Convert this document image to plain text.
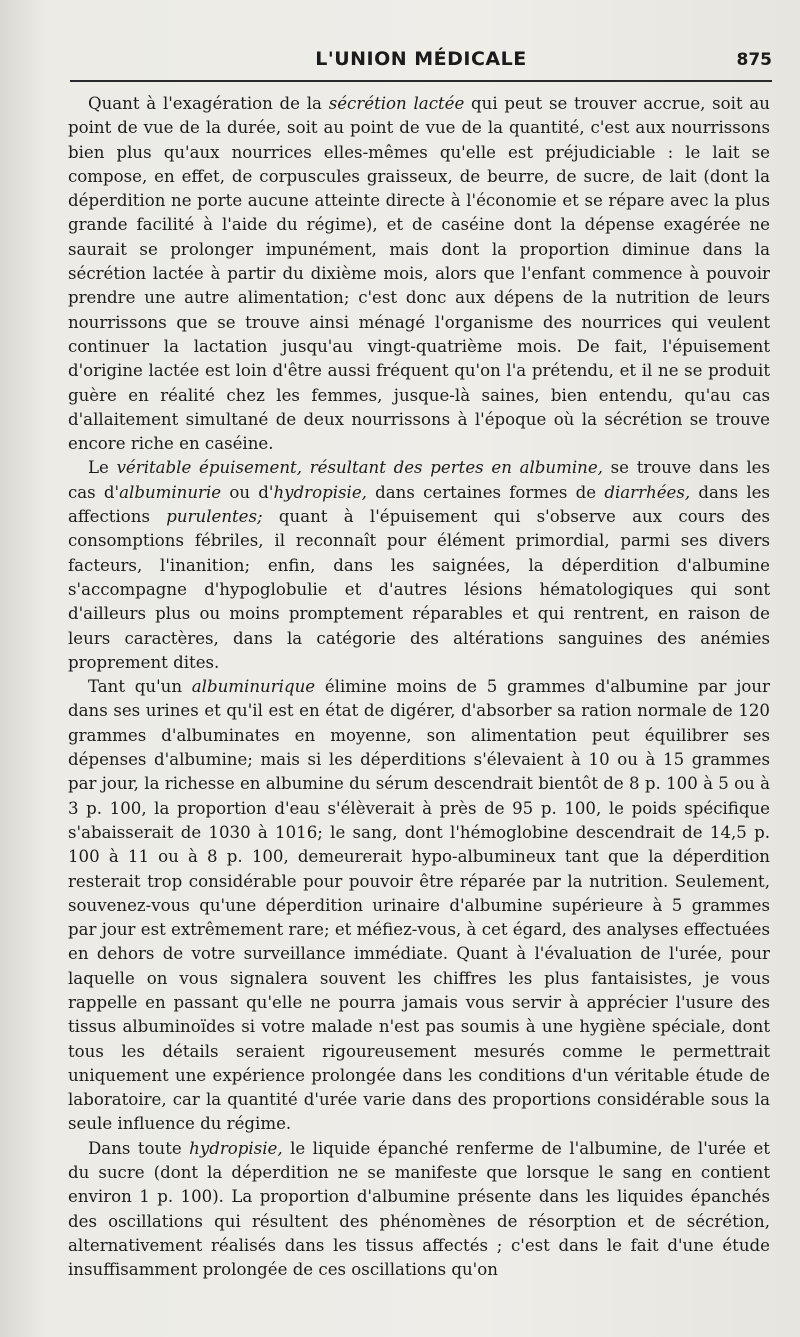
L'UNION MÉDICALE	875

Quant à l'exagération de la sécrétion lactée qui peut se trouver accrue, soit au point de vue de la durée, soit au point de vue de la quantité, c'est aux nourrissons bien plus qu'aux nourrices elles-mêmes qu'elle est préjudiciable : le lait se compose, en effet, de corpuscules graisseux, de beurre, de sucre, de lait (dont la déperdition ne porte aucune atteinte directe à l'économie et se répare avec la plus grande facilité à l'aide du régime), et de caséine dont la dépense exagérée ne saurait se prolonger impunément, mais dont la proportion diminue dans la sécrétion lactée à partir du dixième mois, alors que l'enfant commence à pouvoir prendre une autre alimentation; c'est donc aux dépens de la nutrition de leurs nourrissons que se trouve ainsi ménagé l'organisme des nourrices qui veulent continuer la lactation jusqu'au vingt-quatrième mois. De fait, l'épuisement d'origine lactée est loin d'être aussi fréquent qu'on l'a prétendu, et il ne se produit guère en réalité chez les femmes, jusque-là saines, bien entendu, qu'au cas d'allaitement simultané de deux nourrissons à l'époque où la sécrétion se trouve encore riche en caséine.

Le véritable épuisement, résultant des pertes en albumine, se trouve dans les cas d'albuminurie ou d'hydropisie, dans certaines formes de diarrhées, dans les affections purulentes; quant à l'épuisement qui s'observe aux cours des consomptions fébriles, il reconnaît pour élément primordial, parmi ses divers facteurs, l'inanition; enfin, dans les saignées, la déperdition d'albumine s'accompagne d'hypoglobulie et d'autres lésions hématologiques qui sont d'ailleurs plus ou moins promptement réparables et qui rentrent, en raison de leurs caractères, dans la catégorie des altérations sanguines des anémies proprement dites.

Tant qu'un albuminurique élimine moins de 5 grammes d'albumine par jour dans ses urines et qu'il est en état de digérer, d'absorber sa ration normale de 120 grammes d'albuminates en moyenne, son alimentation peut équilibrer ses dépenses d'albumine; mais si les déperditions s'élevaient à 10 ou à 15 grammes par jour, la richesse en albumine du sérum descendrait bientôt de 8 p. 100 à 5 ou à 3 p. 100, la proportion d'eau s'élèverait à près de 95 p. 100, le poids spécifique s'abaisserait de 1030 à 1016; le sang, dont l'hémoglobine descendrait de 14,5 p. 100 à 11 ou à 8 p. 100, demeurerait hypo-albumineux tant que la déperdition resterait trop considérable pour pouvoir être réparée par la nutrition. Seulement, souvenez-vous qu'une déperdition urinaire d'albumine supérieure à 5 grammes par jour est extrêmement rare; et méfiez-vous, à cet égard, des analyses effectuées en dehors de votre surveillance immédiate. Quant à l'évaluation de l'urée, pour laquelle on vous signalera souvent les chiffres les plus fantaisistes, je vous rappelle en passant qu'elle ne pourra jamais vous servir à apprécier l'usure des tissus albuminoïdes si votre malade n'est pas soumis à une hygiène spéciale, dont tous les détails seraient rigoureusement mesurés comme le permettrait uniquement une expérience prolongée dans les conditions d'un véritable étude de laboratoire, car la quantité d'urée varie dans des proportions considérable sous la seule influence du régime.

Dans toute hydropisie, le liquide épanché renferme de l'albumine, de l'urée et du sucre (dont la déperdition ne se manifeste que lorsque le sang en contient environ 1 p. 100). La proportion d'albumine présente dans les liquides épanchés des oscillations qui résultent des phénomènes de résorption et de sécrétion, alternativement réalisés dans les tissus affectés ; c'est dans le fait d'une étude insuffisamment prolongée de ces oscillations qu'on
